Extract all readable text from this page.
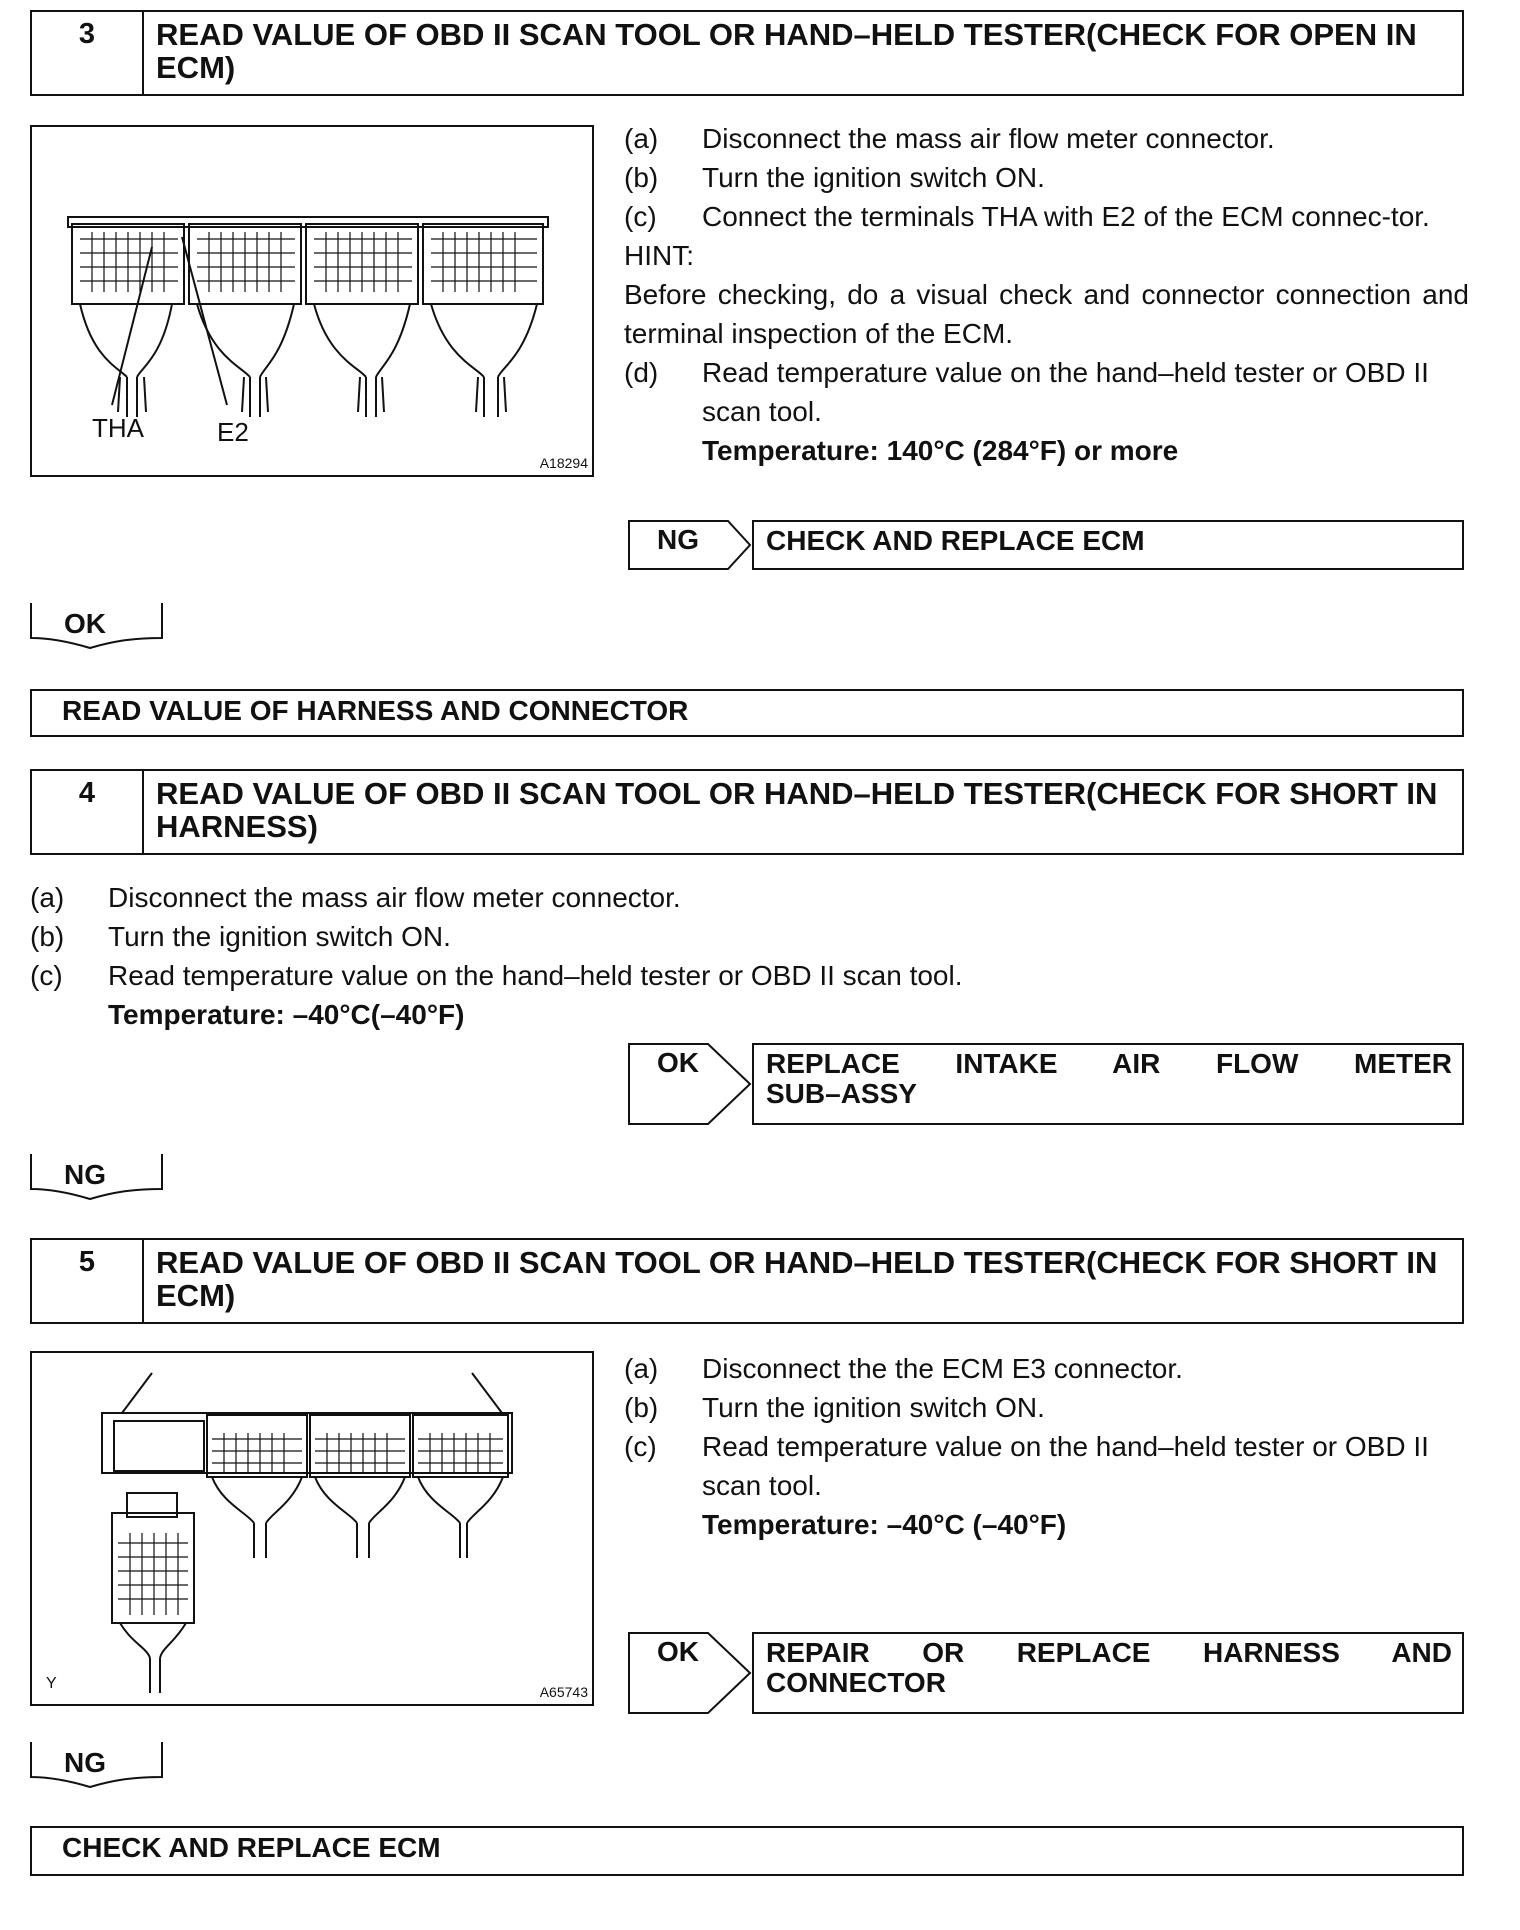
3	READ VALUE OF OBD II SCAN TOOL OR HAND–HELD TESTER(CHECK FOR OPEN IN ECM)
THA	E2
A18294
(a) Disconnect the mass air flow meter connector.
(b) Turn the ignition switch ON.
(c) Connect the terminals THA with E2 of the ECM connec-tor.
HINT:
Before checking, do a visual check and connector connection and terminal inspection of the ECM.
(d) Read temperature value on the hand–held tester or OBD II scan tool.
Temperature: 140°C (284°F) or more
NG	CHECK AND REPLACE ECM
OK
READ VALUE OF HARNESS AND CONNECTOR
4	READ VALUE OF OBD II SCAN TOOL OR HAND–HELD TESTER(CHECK FOR SHORT IN HARNESS)
(a) Disconnect the mass air flow meter connector.
(b) Turn the ignition switch ON.
(c) Read temperature value on the hand–held tester or OBD II scan tool.
Temperature: –40°C(–40°F)
OK	REPLACE INTAKE AIR FLOW METER
SUB–ASSY
NG
5	READ VALUE OF OBD II SCAN TOOL OR HAND–HELD TESTER(CHECK FOR SHORT IN ECM)
Y	A65743
(a) Disconnect the the ECM E3 connector.
(b) Turn the ignition switch ON.
(c) Read temperature value on the hand–held tester or OBD II scan tool.
Temperature: –40°C (–40°F)
OK	REPAIR OR REPLACE HARNESS AND
CONNECTOR
NG
CHECK AND REPLACE ECM
